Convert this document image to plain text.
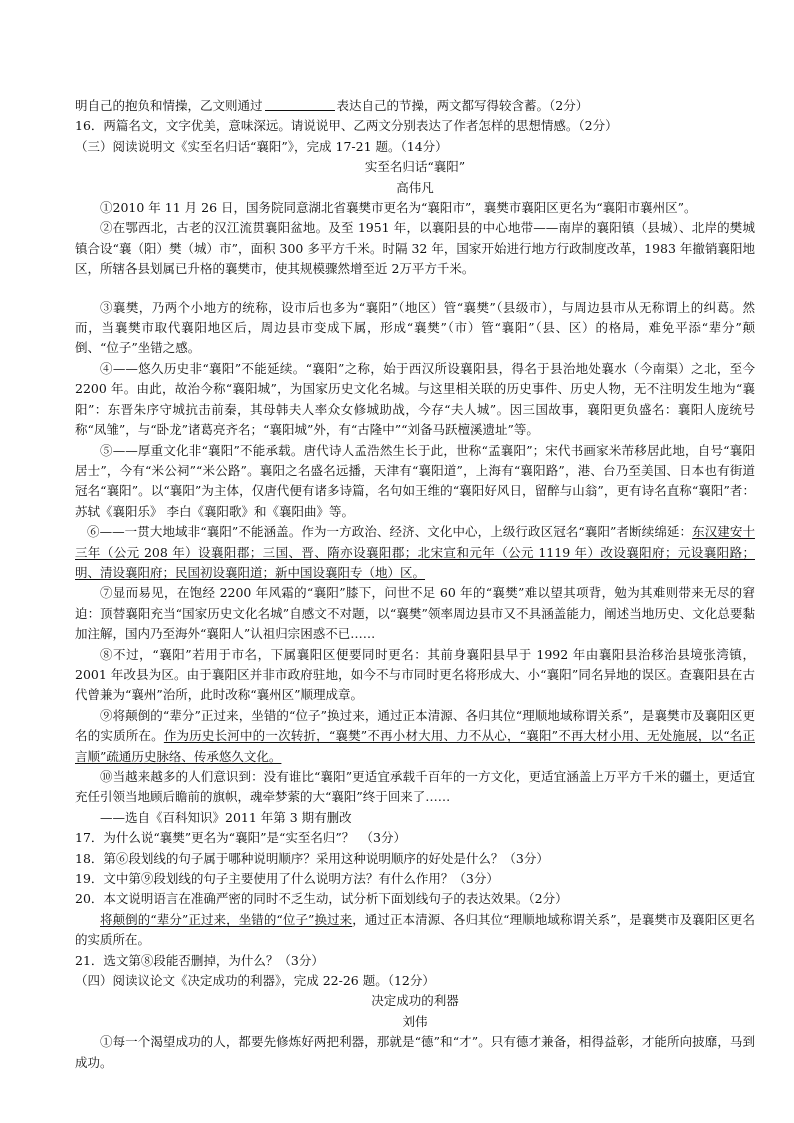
明自己的抱负和情操，乙文则通过	表达自己的节操，两文都写得较含蓄。（2分）

16．两篇名文，文字优美，意味深远。请说说甲、乙两文分别表达了作者怎样的思想情感。（2分）

（三）阅读说明文《实至名归话“襄阳”》，完成 17-21 题。（14分）

实至名归话“襄阳”

高伟凡

①2010 年 11 月 26 日，国务院同意湖北省襄樊市更名为“襄阳市”，襄樊市襄阳区更名为“襄阳市襄州区”。

②在鄂西北，古老的汉江流贯襄阳盆地。及至 1951 年，以襄阳县的中心地带——南岸的襄阳镇（县城）、北岸的樊城镇合设“襄（阳）樊（城）市”，面积 300 多平方千米。时隔 32 年，国家开始进行地方行政制度改革，1983 年撤销襄阳地区，所辖各县划属已升格的襄樊市，使其规模骤然增至近 2万平方千米。

③襄樊，乃两个小地方的统称，设市后也多为“襄阳”（地区）管“襄樊”（县级市），与周边县市从无称谓上的纠葛。然而，当襄樊市取代襄阳地区后，周边县市变成下属，形成“襄樊”（市）管“襄阳”（县、区）的格局，难免平添“辈分”颠倒、“位子”坐错之感。

④——悠久历史非“襄阳”不能延续。“襄阳”之称，始于西汉所设襄阳县，得名于县治地处襄水（今南渠）之北，至今 2200 年。由此，故治今称“襄阳城”，为国家历史文化名城。与这里相关联的历史事件、历史人物，无不注明发生地为“襄阳”：东晋朱序守城抗击前秦，其母韩夫人率众女修城助战，今存“夫人城”。因三国故事，襄阳更负盛名：襄阳人庞统号称“凤雏”，与“卧龙”诸葛亮齐名；“襄阳城”外，有“古隆中”“刘备马跃檀溪遗址”等。

⑤——厚重文化非“襄阳”不能承载。唐代诗人孟浩然生长于此，世称“孟襄阳”；宋代书画家米芾移居此地，自号“襄阳居士”，今有“米公祠”“米公路”。襄阳之名盛名远播，天津有“襄阳道”，上海有“襄阳路”，港、台乃至美国、日本也有街道冠名“襄阳”。以“襄阳”为主体，仅唐代便有诸多诗篇，名句如王维的“襄阳好风日，留醉与山翁”，更有诗名直称“襄阳”者：苏轼《襄阳乐》 李白《襄阳歌》和《襄阳曲》等。

⑥——一贯大地域非“襄阳”不能涵盖。作为一方政治、经济、文化中心，上级行政区冠名“襄阳”者断续绵延：东汉建安十三年（公元 208 年）设襄阳郡；三国、晋、隋亦设襄阳郡；北宋宣和元年（公元 1119 年）改设襄阳府；元设襄阳路；明、清设襄阳府；民国初设襄阳道；新中国设襄阳专（地）区。

⑦显而易见，在饱经 2200 年风霜的“襄阳”膝下，问世不足 60 年的“襄樊”难以望其项背，勉为其难则带来无尽的窘迫：顶替襄阳充当“国家历史文化名城”自感文不对题，以“襄樊”领率周边县市又不具涵盖能力，阐述当地历史、文化总要黏加注解，国内乃至海外“襄阳人”认祖归宗困惑不已……

⑧不过，“襄阳”若用于市名，下属襄阳区便要同时更名：其前身襄阳县早于 1992 年由襄阳县治移治县境张湾镇，2001 年改县为区。由于襄阳区并非市政府驻地，如今不与市同时更名将形成大、小“襄阳”同名异地的误区。查襄阳县在古代曾兼为“襄州”治所，此时改称“襄州区”顺理成章。

⑨将颠倒的“辈分”正过来，坐错的“位子”换过来，通过正本清源、各归其位“理顺地域称谓关系”，是襄樊市及襄阳区更名的实质所在。作为历史长河中的一次转折，“襄樊”不再小材大用、力不从心，“襄阳”不再大材小用、无处施展，以“名正言顺”疏通历史脉络、传承悠久文化。

⑩当越来越多的人们意识到：没有谁比“襄阳”更适宜承载千百年的一方文化，更适宜涵盖上万平方千米的疆土，更适宜充任引领当地顾后瞻前的旗帜，魂牵梦萦的大“襄阳”终于回来了……

——选自《百科知识》2011 年第 3 期有删改

17．为什么说“襄樊”更名为“襄阳”是“实至名归”？　（3分）

18．第⑥段划线的句子属于哪种说明顺序？采用这种说明顺序的好处是什么？（3分）

19．文中第⑨段划线的句子主要使用了什么说明方法？有什么作用？（3分）

20．本文说明语言在准确严密的同时不乏生动，试分析下面划线句子的表达效果。（2分）

将颠倒的“辈分”正过来，坐错的“位子”换过来，通过正本清源、各归其位“理顺地域称谓关系”，是襄樊市及襄阳区更名的实质所在。

21．选文第⑧段能否删掉，为什么？（3分）

（四）阅读议论文《决定成功的利器》，完成 22-26 题。（12分）

决定成功的利器

刘伟

①每一个渴望成功的人，都要先修炼好两把利器，那就是“德”和“才”。只有德才兼备，相得益彰，才能所向披靡，马到成功。
